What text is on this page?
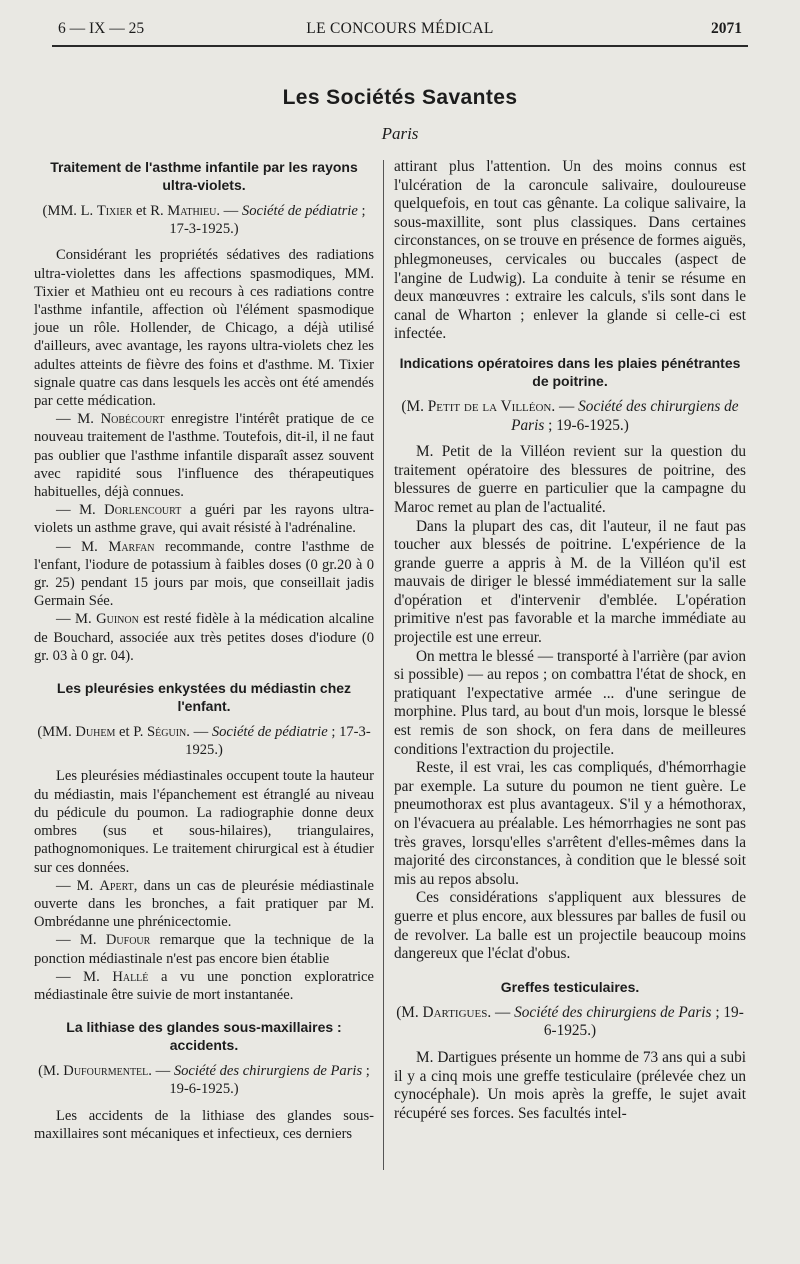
6 — IX — 25	LE CONCOURS MÉDICAL	2071
Les Sociétés Savantes
Paris
Traitement de l'asthme infantile par les rayons ultra-violets.
(MM. L. Tixier et R. Mathieu. — Société de pédiatrie ; 17-3-1925.)

Considérant les propriétés sédatives des radiations ultra-violettes dans les affections spasmodiques, MM. Tixier et Mathieu ont eu recours à ces radiations contre l'asthme infantile, affection où l'élément spasmodique joue un rôle. Hollender, de Chicago, a déjà utilisé d'ailleurs, avec avantage, les rayons ultra-violets chez les adultes atteints de fièvre des foins et d'asthme. M. Tixier signale quatre cas dans lesquels les accès ont été amendés par cette médication.

— M. Nobécourt enregistre l'intérêt pratique de ce nouveau traitement de l'asthme. Toutefois, dit-il, il ne faut pas oublier que l'asthme infantile disparaît assez souvent avec rapidité sous l'influence des thérapeutiques habituelles, déjà connues.

— M. Dorlencourt a guéri par les rayons ultra-violets un asthme grave, qui avait résisté à l'adrénaline.

— M. Marfan recommande, contre l'asthme de l'enfant, l'iodure de potassium à faibles doses (0 gr.20 à 0 gr. 25) pendant 15 jours par mois, que conseillait jadis Germain Sée.

— M. Guinon est resté fidèle à la médication alcaline de Bouchard, associée aux très petites doses d'iodure (0 gr. 03 à 0 gr. 04).

Les pleurésies enkystées du médiastin chez l'enfant.
(MM. Duhem et P. Séguin. — Société de pédiatrie ; 17-3-1925.)

Les pleurésies médiastinales occupent toute la hauteur du médiastin, mais l'épanchement est étranglé au niveau du pédicule du poumon. La radiographie donne deux ombres (sus et sous-hilaires), triangulaires, pathognomoniques. Le traitement chirurgical est à étudier sur ces données.

— M. Apert, dans un cas de pleurésie médiastinale ouverte dans les bronches, a fait pratiquer par M. Ombrédanne une phrénicectomie.

— M. Dufour remarque que la technique de la ponction médiastinale n'est pas encore bien établie

— M. Hallé a vu une ponction exploratrice médiastinale être suivie de mort instantanée.

La lithiase des glandes sous-maxillaires : accidents.
(M. Dufourmentel. — Société des chirurgiens de Paris ; 19-6-1925.)

Les accidents de la lithiase des glandes sous-maxillaires sont mécaniques et infectieux, ces derniers

attirant plus l'attention. Un des moins connus est l'ulcération de la caroncule salivaire, douloureuse quelquefois, en tout cas gênante. La colique salivaire, la sous-maxillite, sont plus classiques. Dans certaines circonstances, on se trouve en présence de formes aiguës, phlegmoneuses, cervicales ou buccales (aspect de l'angine de Ludwig). La conduite à tenir se résume en deux manœuvres : extraire les calculs, s'ils sont dans le canal de Wharton ; enlever la glande si celle-ci est infectée.

Indications opératoires dans les plaies pénétrantes de poitrine.
(M. Petit de la Villéon. — Société des chirurgiens de Paris ; 19-6-1925.)

M. Petit de la Villéon revient sur la question du traitement opératoire des blessures de poitrine, des blessures de guerre en particulier que la campagne du Maroc remet au plan de l'actualité.

Dans la plupart des cas, dit l'auteur, il ne faut pas toucher aux blessés de poitrine. L'expérience de la grande guerre a appris à M. de la Villéon qu'il est mauvais de diriger le blessé immédiatement sur la salle d'opération et d'intervenir d'emblée. L'opération primitive n'est pas favorable et la marche immédiate au projectile est une erreur.

On mettra le blessé — transporté à l'arrière (par avion si possible) — au repos ; on combattra l'état de shock, en pratiquant l'expectative armée ... d'une seringue de morphine. Plus tard, au bout d'un mois, lorsque le blessé est remis de son shock, on fera dans de meilleures conditions l'extraction du projectile.

Reste, il est vrai, les cas compliqués, d'hémorrhagie par exemple. La suture du poumon ne tient guère. Le pneumothorax est plus avantageux. S'il y a hémothorax, on l'évacuera au préalable. Les hémorrhagies ne sont pas très graves, lorsqu'elles s'arrêtent d'elles-mêmes dans la majorité des circonstances, à condition que le blessé soit mis au repos absolu.

Ces considérations s'appliquent aux blessures de guerre et plus encore, aux blessures par balles de fusil ou de revolver. La balle est un projectile beaucoup moins dangereux que l'éclat d'obus.

Greffes testiculaires.
(M. Dartigues. — Société des chirurgiens de Paris ; 19-6-1925.)

M. Dartigues présente un homme de 73 ans qui a subi il y a cinq mois une greffe testiculaire (prélevée chez un cynocéphale). Un mois après la greffe, le sujet avait récupéré ses forces. Ses facultés intel-
